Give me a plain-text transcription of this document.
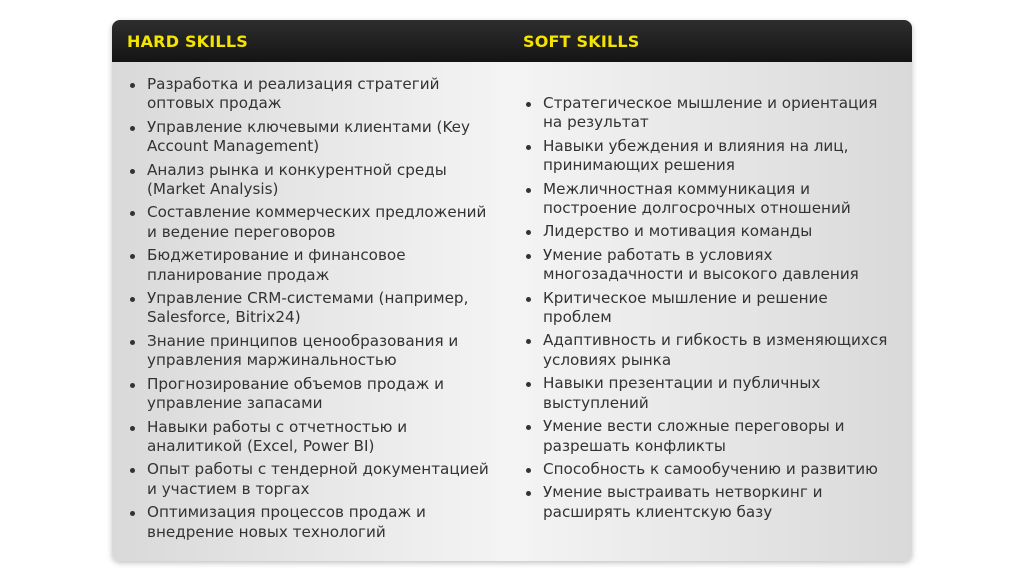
HARD SKILLS	SOFT SKILLS
Разработка и реализация стратегий оптовых продаж
Управление ключевыми клиентами (Key Account Management)
Анализ рынка и конкурентной среды (Market Analysis)
Составление коммерческих предложений и ведение переговоров
Бюджетирование и финансовое планирование продаж
Управление CRM-системами (например, Salesforce, Bitrix24)
Знание принципов ценообразования и управления маржинальностью
Прогнозирование объемов продаж и управление запасами
Навыки работы с отчетностью и аналитикой (Excel, Power BI)
Опыт работы с тендерной документацией и участием в торгах
Оптимизация процессов продаж и внедрение новых технологий
Стратегическое мышление и ориентация на результат
Навыки убеждения и влияния на лиц, принимающих решения
Межличностная коммуникация и построение долгосрочных отношений
Лидерство и мотивация команды
Умение работать в условиях многозадачности и высокого давления
Критическое мышление и решение проблем
Адаптивность и гибкость в изменяющихся условиях рынка
Навыки презентации и публичных выступлений
Умение вести сложные переговоры и разрешать конфликты
Способность к самообучению и развитию
Умение выстраивать нетворкинг и расширять клиентскую базу
